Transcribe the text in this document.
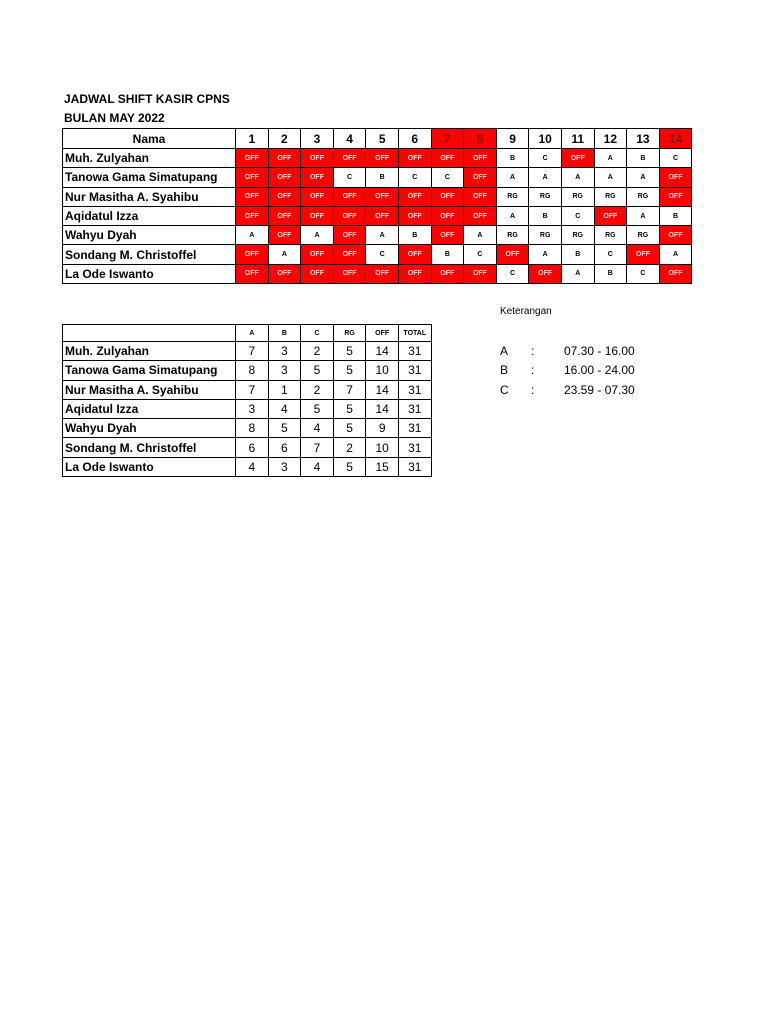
JADWAL SHIFT KASIR CPNS
BULAN MAY 2022
Nama	1	2	3	4	5	6	7	8	9	10	11	12	13	14
Muh. Zulyahan	OFF	OFF	OFF	OFF	OFF	OFF	OFF	OFF	B	C	OFF	A	B	C
Tanowa Gama Simatupang	OFF	OFF	OFF	C	B	C	C	OFF	A	A	A	A	A	OFF
Nur Masitha A. Syahibu	OFF	OFF	OFF	OFF	OFF	OFF	OFF	OFF	RG	RG	RG	RG	RG	OFF
Aqidatul Izza	OFF	OFF	OFF	OFF	OFF	OFF	OFF	OFF	A	B	C	OFF	A	B
Wahyu Dyah	A	OFF	A	OFF	A	B	OFF	A	RG	RG	RG	RG	RG	OFF
Sondang M. Christoffel	OFF	A	OFF	OFF	C	OFF	B	C	OFF	A	B	C	OFF	A
La Ode Iswanto	OFF	OFF	OFF	OFF	OFF	OFF	OFF	OFF	C	OFF	A	B	C	OFF
	A	B	C	RG	OFF	TOTAL
Muh. Zulyahan	7	3	2	5	14	31
Tanowa Gama Simatupang	8	3	5	5	10	31
Nur Masitha A. Syahibu	7	1	2	7	14	31
Aqidatul Izza	3	4	5	5	14	31
Wahyu Dyah	8	5	4	5	9	31
Sondang M. Christoffel	6	6	7	2	10	31
La Ode Iswanto	4	3	4	5	15	31
Keterangan
A : 07.30 - 16.00
B : 16.00 - 24.00
C : 23.59 - 07.30
